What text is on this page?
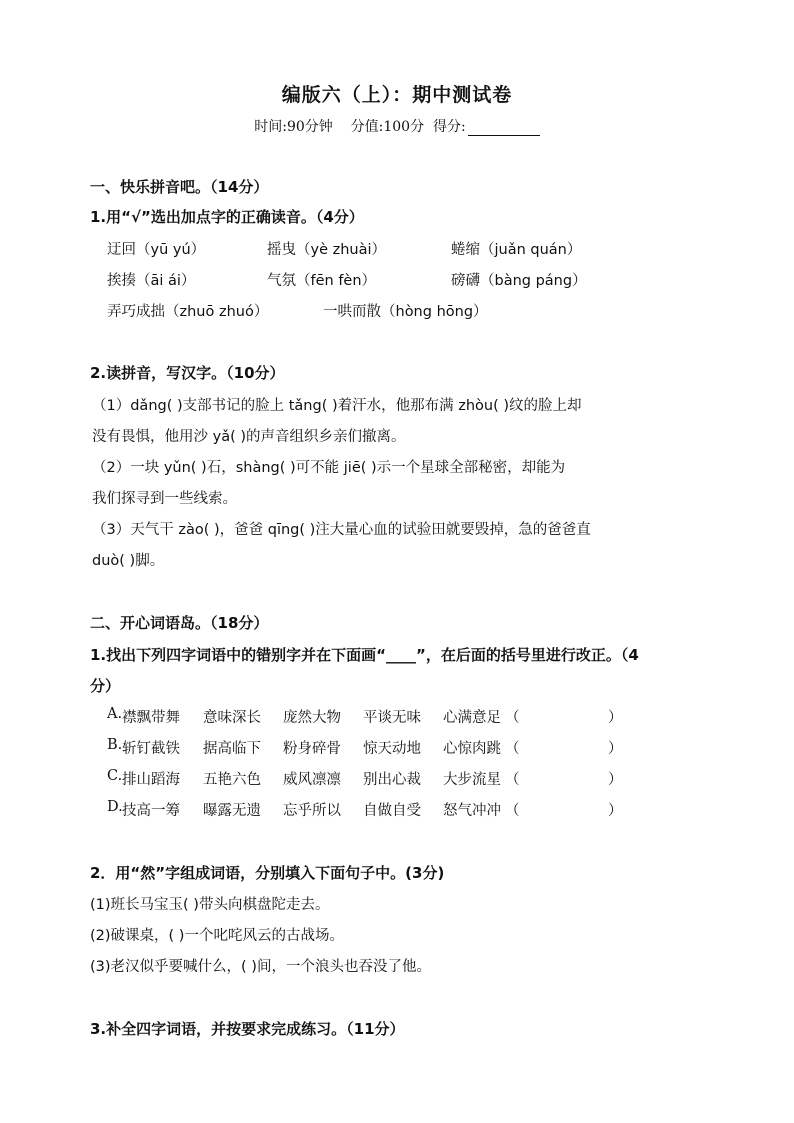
编版六（上）：期中测试卷
时间:90分钟 分值:100分 得分:
一、快乐拼音吧。（14分）
1.用“√”选出加点字的正确读音。（4分）
迂回（yū yú）	摇曳（yè zhuài）	蜷缩（juǎn quán）
挨揍（āi ái）	气氛（fēn fèn）	磅礴（bàng páng）
弄巧成拙（zhuō zhuó）	一哄而散（hòng hōng）
2.读拼音，写汉字。（10分）
（1）dǎng( )支部书记的脸上 tǎng( )着汗水，他那布满 zhòu( )纹的脸上却
没有畏惧，他用沙 yǎ( )的声音组织乡亲们撤离。
（2）一块 yǔn( )石，shàng( )可不能 jiē( )示一个星球全部秘密，却能为
我们探寻到一些线索。
（3）天气干 zào( )，爸爸 qīng( )注大量心血的试验田就要毁掉，急的爸爸直
duò( )脚。
二、开心词语岛。（18分）
1.找出下列四字词语中的错别字并在下面画“____”，在后面的括号里进行改正。（4
分）
A. 襟飘带舞 意味深长 庞然大物 平谈无味 心满意足 （	）
B. 斩钉截铁 据高临下 粉身碎骨 惊天动地 心惊肉跳 （	）
C. 排山蹈海 五艳六色 威风凛凛 别出心裁 大步流星 （	）
D. 技高一筹 曝露无遗 忘乎所以 自做自受 怒气冲冲 （	）
2．用“然”字组成词语，分别填入下面句子中。(3分)
(1)班长马宝玉( )带头向棋盘陀走去。
(2)破课桌，( )一个叱咤风云的古战场。
(3)老汉似乎要喊什么，( )间，一个浪头也吞没了他。
3.补全四字词语，并按要求完成练习。（11分）
